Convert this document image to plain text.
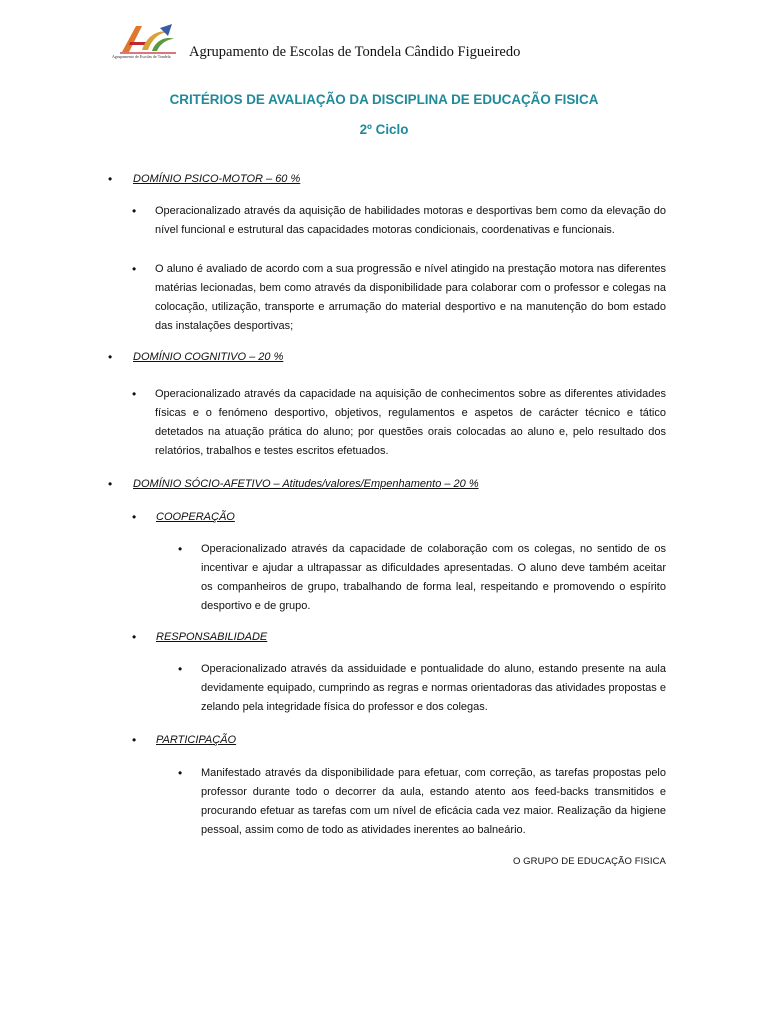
Agrupamento de Escolas de Tondela	Agrupamento de Escolas de Tondela Cândido Figueiredo
CRITÉRIOS DE AVALIAÇÃO DA DISCIPLINA DE EDUCAÇÃO FISICA
2º Ciclo
• DOMÍNIO PSICO-MOTOR – 60 %
• Operacionalizado através da aquisição de habilidades motoras e desportivas bem como da elevação do nível funcional e estrutural das capacidades motoras condicionais, coordenativas e funcionais.
• O aluno é avaliado de acordo com a sua progressão e nível atingido na prestação motora nas diferentes matérias lecionadas, bem como através da disponibilidade para colaborar com o professor e colegas na colocação, utilização, transporte e arrumação do material desportivo e na manutenção do bom estado das instalações desportivas;
• DOMÍNIO COGNITIVO – 20 %
• Operacionalizado através da capacidade na aquisição de conhecimentos sobre as diferentes atividades físicas e o fenómeno desportivo, objetivos, regulamentos e aspetos de carácter técnico e tático detetados na atuação prática do aluno; por questões orais colocadas ao aluno e, pelo resultado dos relatórios, trabalhos e testes escritos efetuados.
• DOMÍNIO SÓCIO-AFETIVO – Atitudes/valores/Empenhamento – 20 %
• COOPERAÇÃO
• Operacionalizado através da capacidade de colaboração com os colegas, no sentido de os incentivar e ajudar a ultrapassar as dificuldades apresentadas. O aluno deve também aceitar os companheiros de grupo, trabalhando de forma leal, respeitando e promovendo o espírito desportivo e de grupo.
• RESPONSABILIDADE
• Operacionalizado através da assiduidade e pontualidade do aluno, estando presente na aula devidamente equipado, cumprindo as regras e normas orientadoras das atividades propostas e zelando pela integridade física do professor e dos colegas.
• PARTICIPAÇÃO
• Manifestado através da disponibilidade para efetuar, com correção, as tarefas propostas pelo professor durante todo o decorrer da aula, estando atento aos feed-backs transmitidos e procurando efetuar as tarefas com um nível de eficácia cada vez maior. Realização da higiene pessoal, assim como de todo as atividades inerentes ao balneário.
O GRUPO DE EDUCAÇÃO FISICA
